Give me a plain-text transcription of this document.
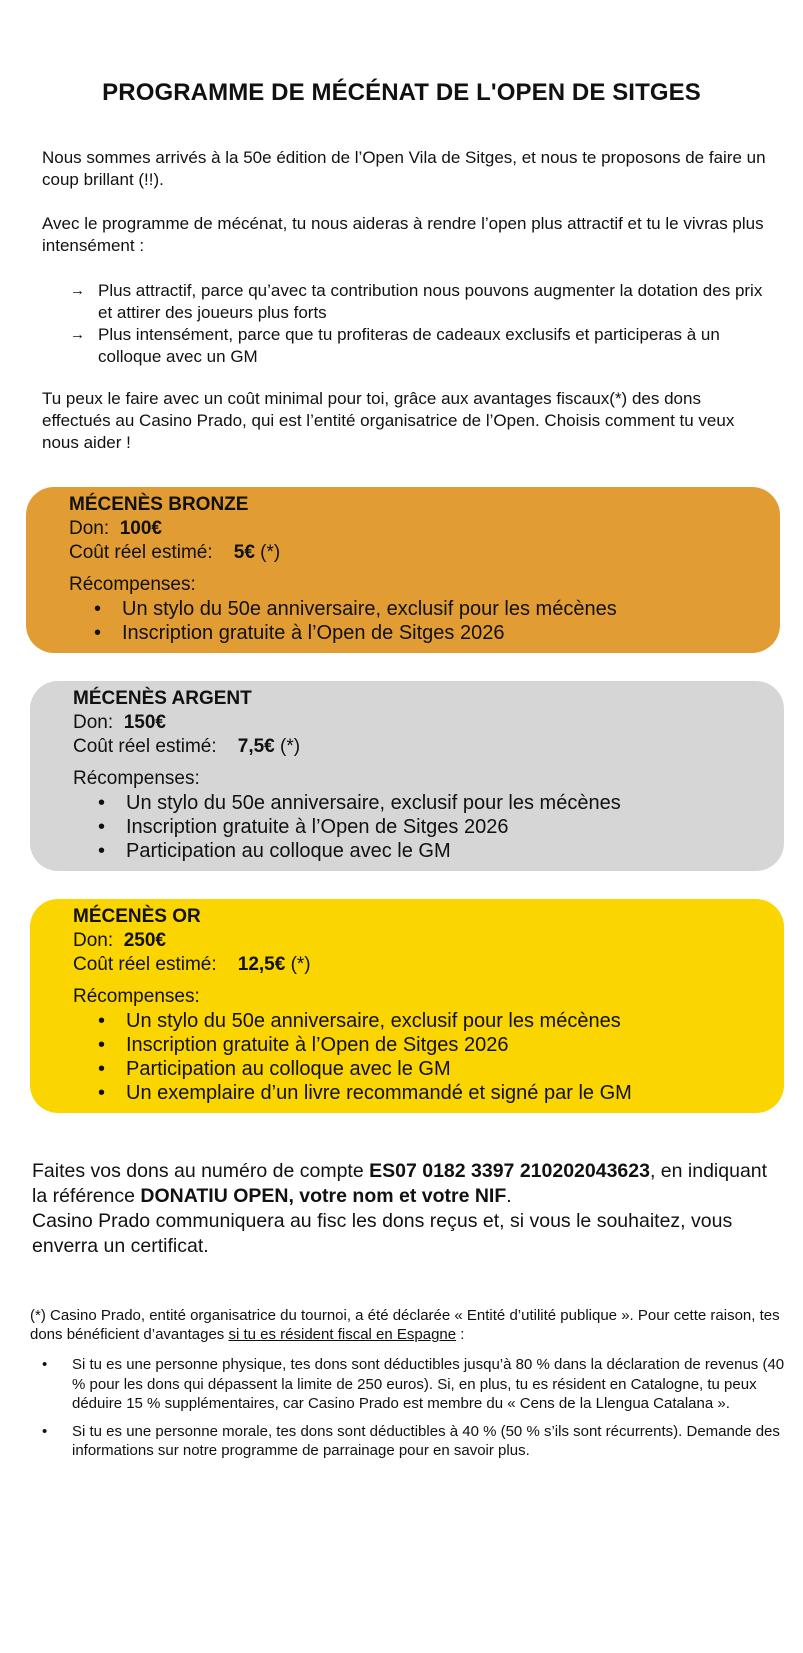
PROGRAMME DE MÉCÉNAT DE L'OPEN DE SITGES

Nous sommes arrivés à la 50e édition de l’Open Vila de Sitges, et nous te proposons de faire un coup brillant (!!).

Avec le programme de mécénat, tu nous aideras à rendre l’open plus attractif et tu le vivras plus intensément :

→ Plus attractif, parce qu’avec ta contribution nous pouvons augmenter la dotation des prix et attirer des joueurs plus forts
→ Plus intensément, parce que tu profiteras de cadeaux exclusifs et participeras à un colloque avec un GM

Tu peux le faire avec un coût minimal pour toi, grâce aux avantages fiscaux(*) des dons effectués au Casino Prado, qui est l’entité organisatrice de l’Open. Choisis comment tu veux nous aider !

MÉCENÈS BRONZE
Don: 100€
Coût réel estimé: 5€ (*)
Récompenses:
• Un stylo du 50e anniversaire, exclusif pour les mécènes
• Inscription gratuite à l’Open de Sitges 2026
MÉCENÈS ARGENT
Don: 150€
Coût réel estimé: 7,5€ (*)
Récompenses:
• Un stylo du 50e anniversaire, exclusif pour les mécènes
• Inscription gratuite à l’Open de Sitges 2026
• Participation au colloque avec le GM
MÉCENÈS OR
Don: 250€
Coût réel estimé: 12,5€ (*)
Récompenses:
• Un stylo du 50e anniversaire, exclusif pour les mécènes
• Inscription gratuite à l’Open de Sitges 2026
• Participation au colloque avec le GM
• Un exemplaire d’un livre recommandé et signé par le GM

Faites vos dons au numéro de compte ES07 0182 3397 210202043623, en indiquant la référence DONATIU OPEN, votre nom et votre NIF.
Casino Prado communiquera au fisc les dons reçus et, si vous le souhaitez, vous enverra un certificat.

(*) Casino Prado, entité organisatrice du tournoi, a été déclarée « Entité d’utilité publique ». Pour cette raison, tes dons bénéficient d’avantages si tu es résident fiscal en Espagne :

• Si tu es une personne physique, tes dons sont déductibles jusqu’à 80 % dans la déclaration de revenus (40 % pour les dons qui dépassent la limite de 250 euros). Si, en plus, tu es résident en Catalogne, tu peux déduire 15 % supplémentaires, car Casino Prado est membre du « Cens de la Llengua Catalana ».
• Si tu es une personne morale, tes dons sont déductibles à 40 % (50 % s’ils sont récurrents). Demande des informations sur notre programme de parrainage pour en savoir plus.
